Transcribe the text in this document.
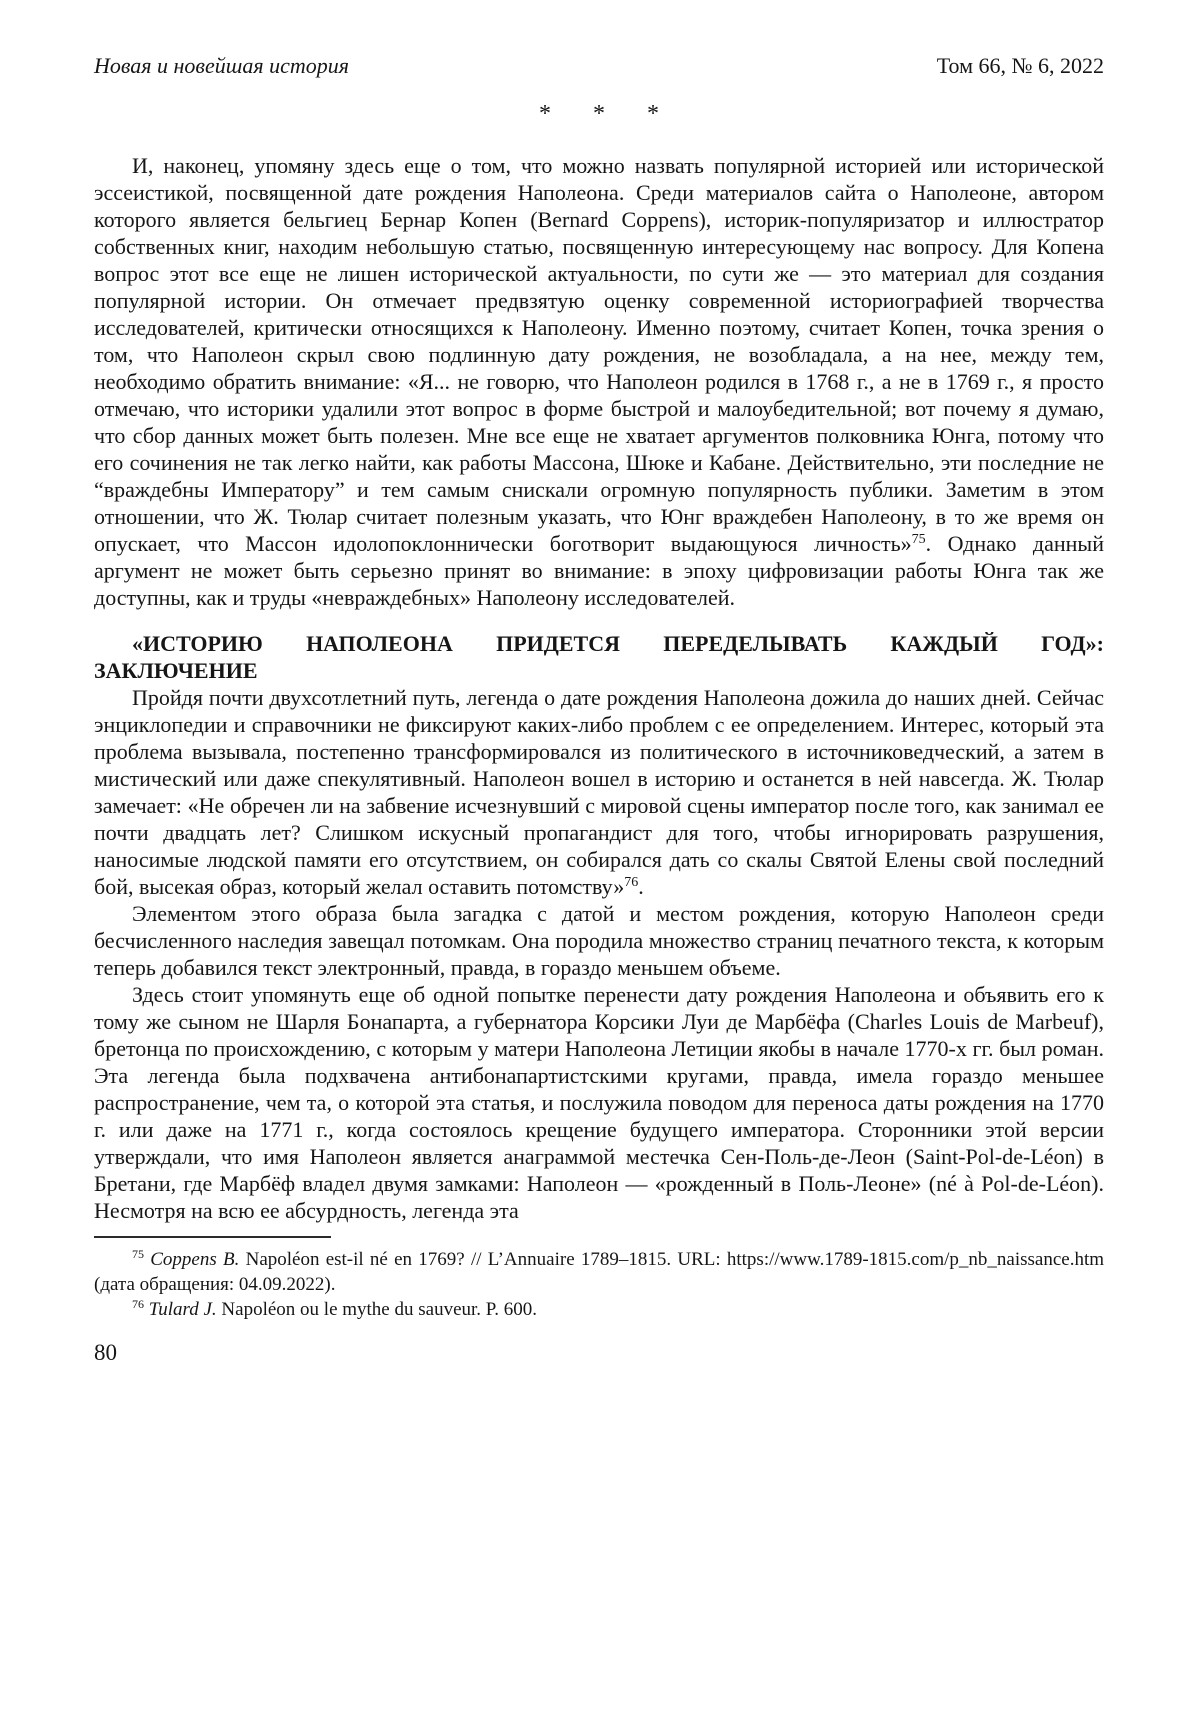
Новая и новейшая история	Том 66, № 6, 2022
* * *

И, наконец, упомяну здесь еще о том, что можно назвать популярной историей или исторической эссеистикой, посвященной дате рождения Наполеона. Среди материалов сайта о Наполеоне, автором которого является бельгиец Бернар Копен (Bernard Coppens), историк-популяризатор и иллюстратор собственных книг, находим небольшую статью, посвященную интересующему нас вопросу. Для Копена вопрос этот все еще не лишен исторической актуальности, по сути же — это материал для создания популярной истории. Он отмечает предвзятую оценку современной историографией творчества исследователей, критически относящихся к Наполеону. Именно поэтому, считает Копен, точка зрения о том, что Наполеон скрыл свою подлинную дату рождения, не возобладала, а на нее, между тем, необходимо обратить внимание: «Я... не говорю, что Наполеон родился в 1768 г., а не в 1769 г., я просто отмечаю, что историки удалили этот вопрос в форме быстрой и малоубедительной; вот почему я думаю, что сбор данных может быть полезен. Мне все еще не хватает аргументов полковника Юнга, потому что его сочинения не так легко найти, как работы Массона, Шюке и Кабане. Действительно, эти последние не “враждебны Императору” и тем самым снискали огромную популярность публики. Заметим в этом отношении, что Ж. Тюлар считает полезным указать, что Юнг враждебен Наполеону, в то же время он опускает, что Массон идолопоклоннически боготворит выдающуюся личность»$^{75}$. Однако данный аргумент не может быть серьезно принят во внимание: в эпоху цифровизации работы Юнга так же доступны, как и труды «невраждебных» Наполеону исследователей.

«ИСТОРИЮ НАПОЛЕОНА ПРИДЕТСЯ ПЕРЕДЕЛЫВАТЬ КАЖДЫЙ ГОД»:
ЗАКЛЮЧЕНИЕ

Пройдя почти двухсотлетний путь, легенда о дате рождения Наполеона дожила до наших дней. Сейчас энциклопедии и справочники не фиксируют каких-либо проблем с ее определением. Интерес, который эта проблема вызывала, постепенно трансформировался из политического в источниковедческий, а затем в мистический или даже спекулятивный. Наполеон вошел в историю и останется в ней навсегда. Ж. Тюлар замечает: «Не обречен ли на забвение исчезнувший с мировой сцены император после того, как занимал ее почти двадцать лет? Слишком искусный пропагандист для того, чтобы игнорировать разрушения, наносимые людской памяти его отсутствием, он собирался дать со скалы Святой Елены свой последний бой, высекая образ, который желал оставить потомству»$^{76}$.

Элементом этого образа была загадка с датой и местом рождения, которую Наполеон среди бесчисленного наследия завещал потомкам. Она породила множество страниц печатного текста, к которым теперь добавился текст электронный, правда, в гораздо меньшем объеме.

Здесь стоит упомянуть еще об одной попытке перенести дату рождения Наполеона и объявить его к тому же сыном не Шарля Бонапарта, а губернатора Корсики Луи де Марбёфа (Charles Louis de Marbeuf), бретонца по происхождению, с которым у матери Наполеона Летиции якобы в начале 1770-х гг. был роман. Эта легенда была подхвачена антибонапартистскими кругами, правда, имела гораздо меньшее распространение, чем та, о которой эта статья, и послужила поводом для переноса даты рождения на 1770 г. или даже на 1771 г., когда состоялось крещение будущего императора. Сторонники этой версии утверждали, что имя Наполеон является анаграммой местечка Сен-Поль-де-Леон (Saint-Pol-de-Léon) в Бретани, где Марбёф владел двумя замками: Наполеон — «рожденный в Поль-Леоне» (né à Pol-de-Léon). Несмотря на всю ее абсурдность, легенда эта

$^{75}$ Coppens B. Napoléon est-il né en 1769? // L’Annuaire 1789–1815. URL: https://www.1789-1815.com/p_nb_naissance.htm (дата обращения: 04.09.2022).

$^{76}$ Tulard J. Napoléon ou le mythe du sauveur. P. 600.

80
